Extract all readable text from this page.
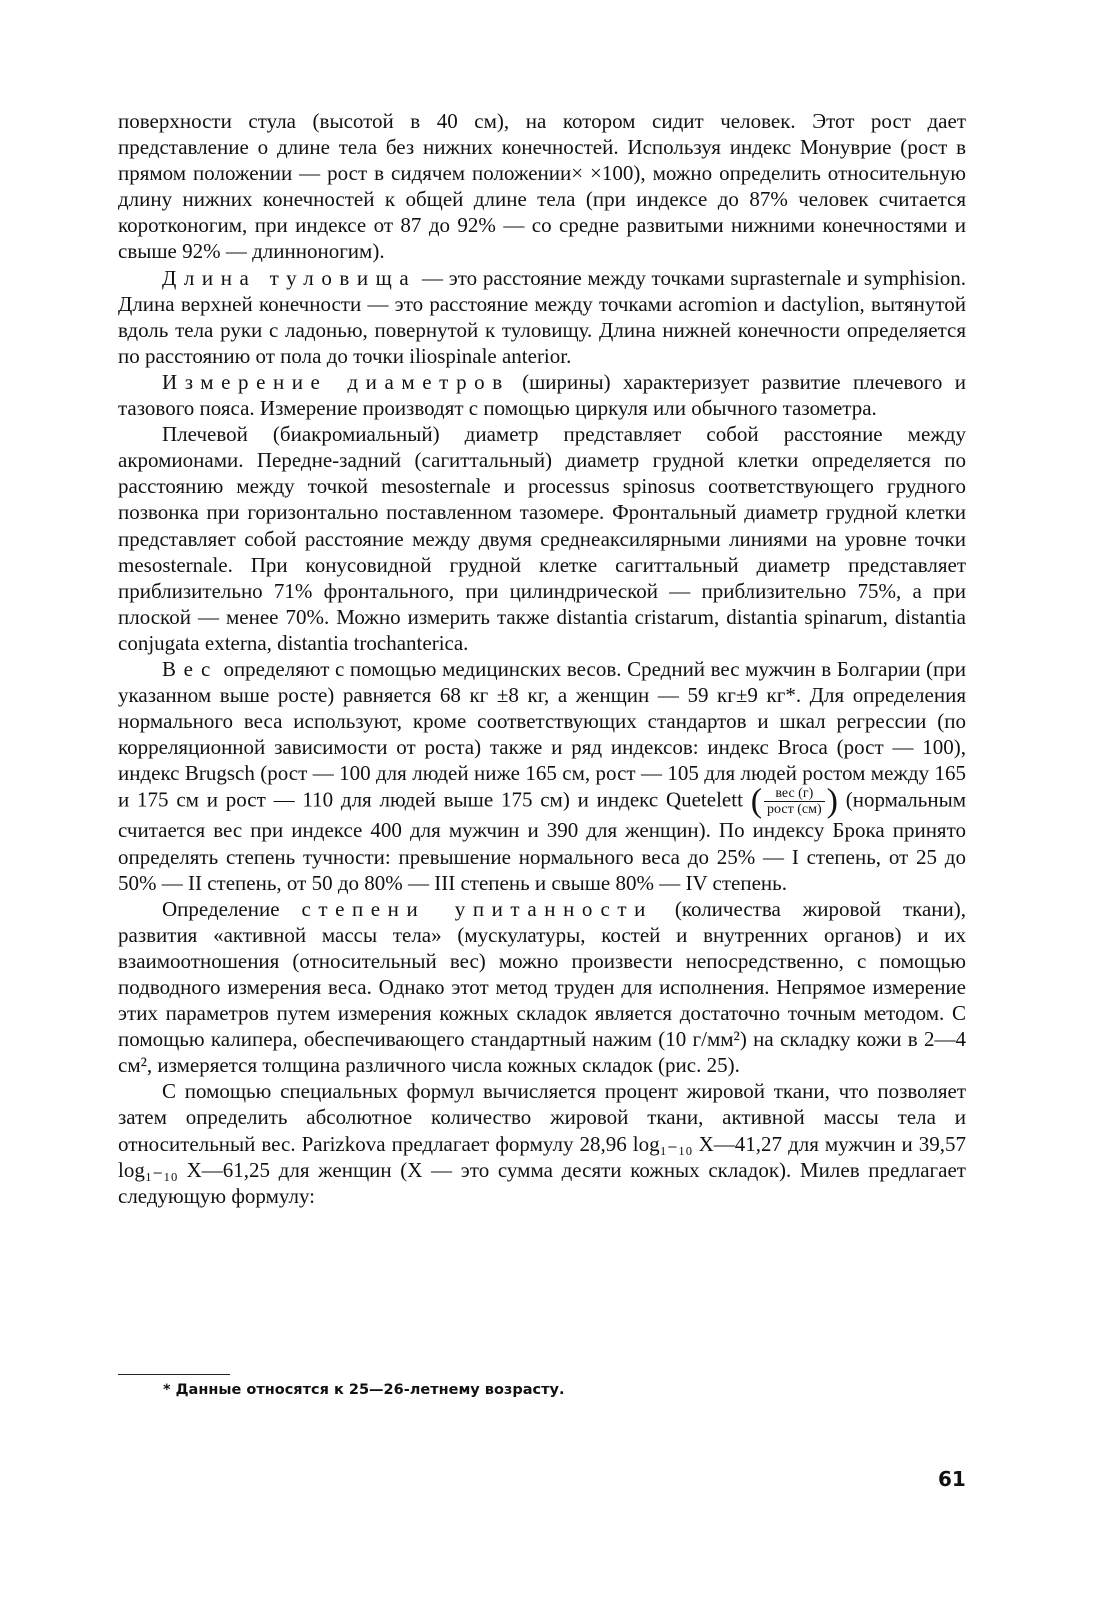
поверхности стула (высотой в 40 см), на котором сидит человек. Этот рост дает представление о длине тела без нижних конечностей. Используя индекс Монуврие (рост в прямом положении — рост в сидячем положении× ×100), можно определить относительную длину нижних конечностей к общей длине тела (при индексе до 87% человек считается коротконогим, при индексе от 87 до 92% — со средне развитыми нижними конечностями и свыше 92% — длинноногим).

Длина туловища — это расстояние между точками suprasternale и symphision. Длина верхней конечности — это расстояние между точками acromion и dactylion, вытянутой вдоль тела руки с ладонью, повернутой к туловищу. Длина нижней конечности определяется по расстоянию от пола до точки iliospinale anterior.

Измерение диаметров (ширины) характеризует развитие плечевого и тазового пояса. Измерение производят с помощью циркуля или обычного тазометра.

Плечевой (биакромиальный) диаметр представляет собой расстояние между акромионами. Передне-задний (сагиттальный) диаметр грудной клетки определяется по расстоянию между точкой mesosternale и processus spinosus соответствующего грудного позвонка при горизонтально поставленном тазомере. Фронтальный диаметр грудной клетки представляет собой расстояние между двумя среднеаксилярными линиями на уровне точки mesosternale. При конусовидной грудной клетке сагиттальный диаметр представляет приблизительно 71% фронтального, при цилиндрической — приблизительно 75%, а при плоской — менее 70%. Можно измерить также distantia cristarum, distantia spinarum, distantia conjugata externa, distantia trochanterica.

Вес определяют с помощью медицинских весов. Средний вес мужчин в Болгарии (при указанном выше росте) равняется 68 кг ±8 кг, а женщин — 59 кг±9 кг*. Для определения нормального веса используют, кроме соответствующих стандартов и шкал регрессии (по корреляционной зависимости от роста) также и ряд индексов: индекс Broca (рост — 100), индекс Brugsch (рост — 100 для людей ниже 165 см, рост — 105 для людей ростом между 165 и 175 см и рост — 110 для людей выше 175 см) и индекс Quetelett ( $\frac{\text{вес (г)}}{\text{рост (см)}}$ ) (нормальным считается вес при индексе 400 для мужчин и 390 для женщин). По индексу Брока принято определять степень тучности: превышение нормального веса до 25% — I степень, от 25 до 50% — II степень, от 50 до 80% — III степень и свыше 80% — IV степень.

Определение степени упитанности (количества жировой ткани), развития «активной массы тела» (мускулатуры, костей и внутренних органов) и их взаимоотношения (относительный вес) можно произвести непосредственно, с помощью подводного измерения веса. Однако этот метод труден для исполнения. Непрямое измерение этих параметров путем измерения кожных складок является достаточно точным методом. С помощью калипера, обеспечивающего стандартный нажим (10 г/мм²) на складку кожи в 2—4 см², измеряется толщина различного числа кожных складок (рис. 25).

С помощью специальных формул вычисляется процент жировой ткани, что позволяет затем определить абсолютное количество жировой ткани, активной массы тела и относительный вес. Parizkova предлагает формулу 28,96 log₁₋₁₀ X—41,27 для мужчин и 39,57 log₁₋₁₀ X—61,25 для женщин (X — это сумма десяти кожных складок). Милев предлагает следующую формулу:

* Данные относятся к 25—26-летнему возрасту.
61
